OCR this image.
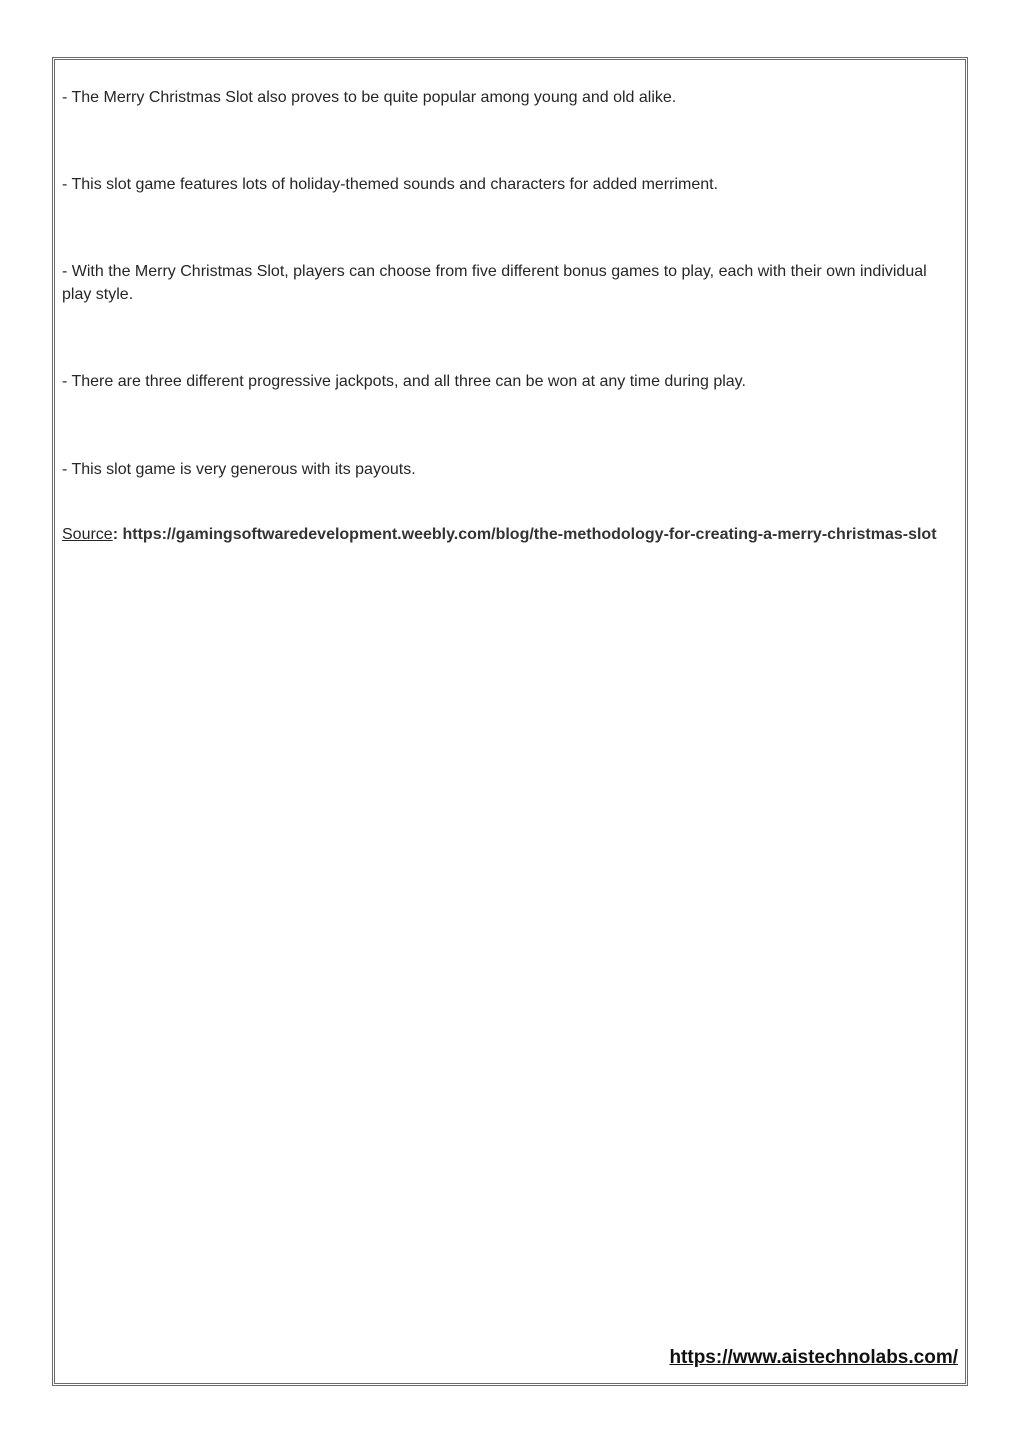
- The Merry Christmas Slot also proves to be quite popular among young and old alike.

- This slot game features lots of holiday-themed sounds and characters for added merriment.

- With the Merry Christmas Slot, players can choose from five different bonus games to play, each with their own individual play style.

- There are three different progressive jackpots, and all three can be won at any time during play.

- This slot game is very generous with its payouts.

Source: https://gamingsoftwaredevelopment.weebly.com/blog/the-methodology-for-creating-a-merry-christmas-slot

https://www.aistechnolabs.com/
